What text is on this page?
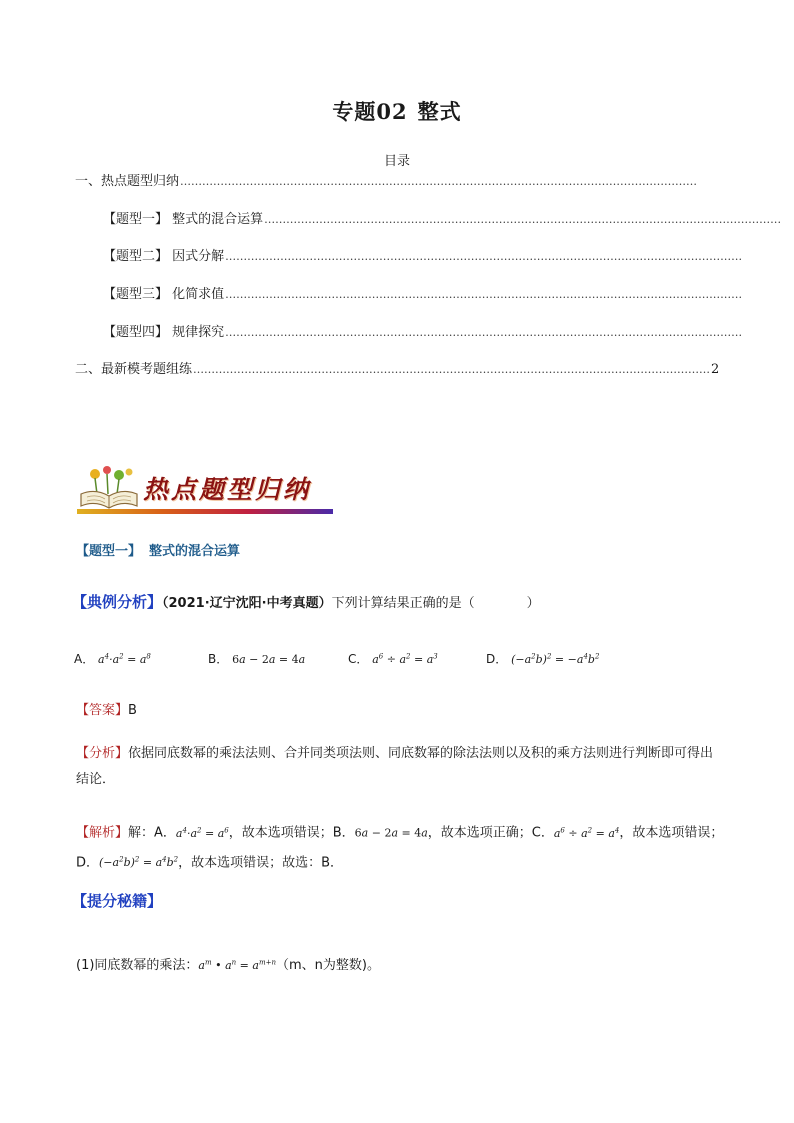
专题02 整式
目录
一、热点题型归纳 ……………………………………………………………………………………………………………………………
【题型一】 整式的混合运算 ……………………………………………………………………………………………………………………………
【题型二】 因式分解 ……………………………………………………………………………………………………………………………
【题型三】 化简求值 ……………………………………………………………………………………………………………………………
【题型四】 规律探究 ……………………………………………………………………………………………………………………………
二、最新模考题组练 …………………………………………………………………………………………………………………………… 2
热点题型归纳
【题型一】 整式的混合运算
【典例分析】（2021·辽宁沈阳·中考真题）下列计算结果正确的是（　　　　）
A． $a^4\cdot a^2 = a^8$	B． 6a − 2a = 4a	C． $a^6 \div a^2 = a^3$	D． $(-a^2b)^2 = -a^4b^2$
【答案】B
【分析】依据同底数幂的乘法法则、合并同类项法则、同底数幂的除法法则以及积的乘方法则进行判断即可得出结论．
【解析】解：A．$a^4\cdot a^2 = a^6$，故本选项错误；B．6a − 2a = 4a，故本选项正确；C．$a^6 \div a^2 = a^4$，故本选项错误；D．$(-a^2b)^2 = a^4b^2$，故本选项错误；故选：B．
【提分秘籍】
(1)同底数幂的乘法：$a^m$ • $a^n = a^{m+n}(m$、n为整数)。
